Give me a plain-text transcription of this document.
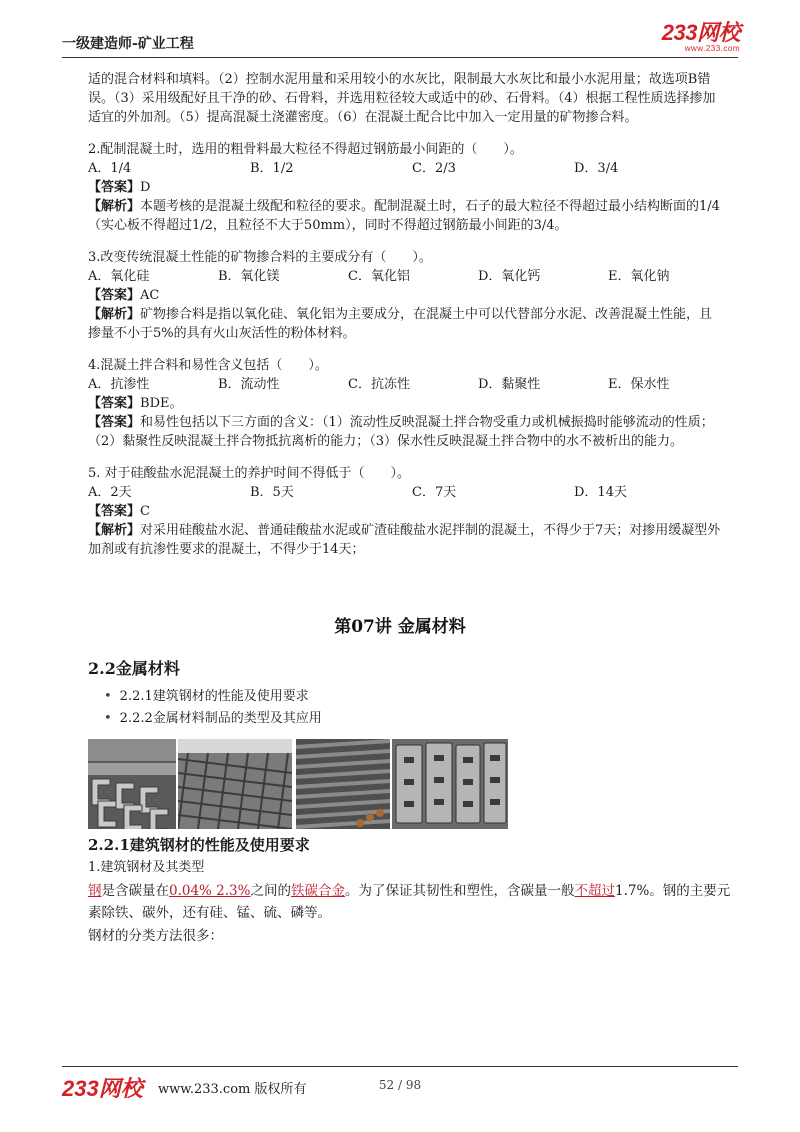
一级建造师-矿业工程	233网校
www.233.com

适的混合材料和填料。（2）控制水泥用量和采用较小的水灰比，限制最大水灰比和最小水泥用量；故选项B错误。（3）采用级配好且干净的砂、石骨料，并选用粒径较大或适中的砂、石骨料。（4）根据工程性质选择掺加适宜的外加剂。（5）提高混凝土浇灌密度。（6）在混凝土配合比中加入一定用量的矿物掺合料。

2.配制混凝土时，选用的粗骨料最大粒径不得超过钢筋最小间距的（　　）。

A．1/4	B．1/2	C．2/3	D．3/4

【答案】D

【解析】本题考核的是混凝土级配和粒径的要求。配制混凝土时，石子的最大粒径不得超过最小结构断面的1/4（实心板不得超过1/2，且粒径不大于50mm），同时不得超过钢筋最小间距的3/4。

3.改变传统混凝土性能的矿物掺合料的主要成分有（　　）。

A．氧化硅	B．氧化镁	C．氧化铝	D．氧化钙	E．氧化钠

【答案】AC

【解析】矿物掺合料是指以氧化硅、氧化铝为主要成分，在混凝土中可以代替部分水泥、改善混凝土性能，且掺量不小于5%的具有火山灰活性的粉体材料。

4.混凝土拌合料和易性含义包括（　　）。

A．抗渗性	B．流动性	C．抗冻性	D．黏聚性	E．保水性

【答案】BDE。

【答案】和易性包括以下三方面的含义：（1）流动性反映混凝土拌合物受重力或机械振捣时能够流动的性质；（2）黏聚性反映混凝土拌合物抵抗离析的能力；（3）保水性反映混凝土拌合物中的水不被析出的能力。

5. 对于硅酸盐水泥混凝土的养护时间不得低于（　　）。

A．2天	B．5天	C．7天	D．14天

【答案】C

【解析】对采用硅酸盐水泥、普通硅酸盐水泥或矿渣硅酸盐水泥拌制的混凝土，不得少于7天；对掺用缓凝型外加剂或有抗渗性要求的混凝土，不得少于14天；

第07讲 金属材料
2.2金属材料
• 2.2.1建筑钢材的性能及使用要求
• 2.2.2金属材料制品的类型及其应用
2.2.1建筑钢材的性能及使用要求
1.建筑钢材及其类型
钢是含碳量在0.04% 2.3%之间的铁碳合金。为了保证其韧性和塑性，含碳量一般不超过1.7%。钢的主要元素除铁、碳外，还有硅、锰、硫、磷等。
钢材的分类方法很多：
233网校 www.233.com 版权所有	52 / 98
